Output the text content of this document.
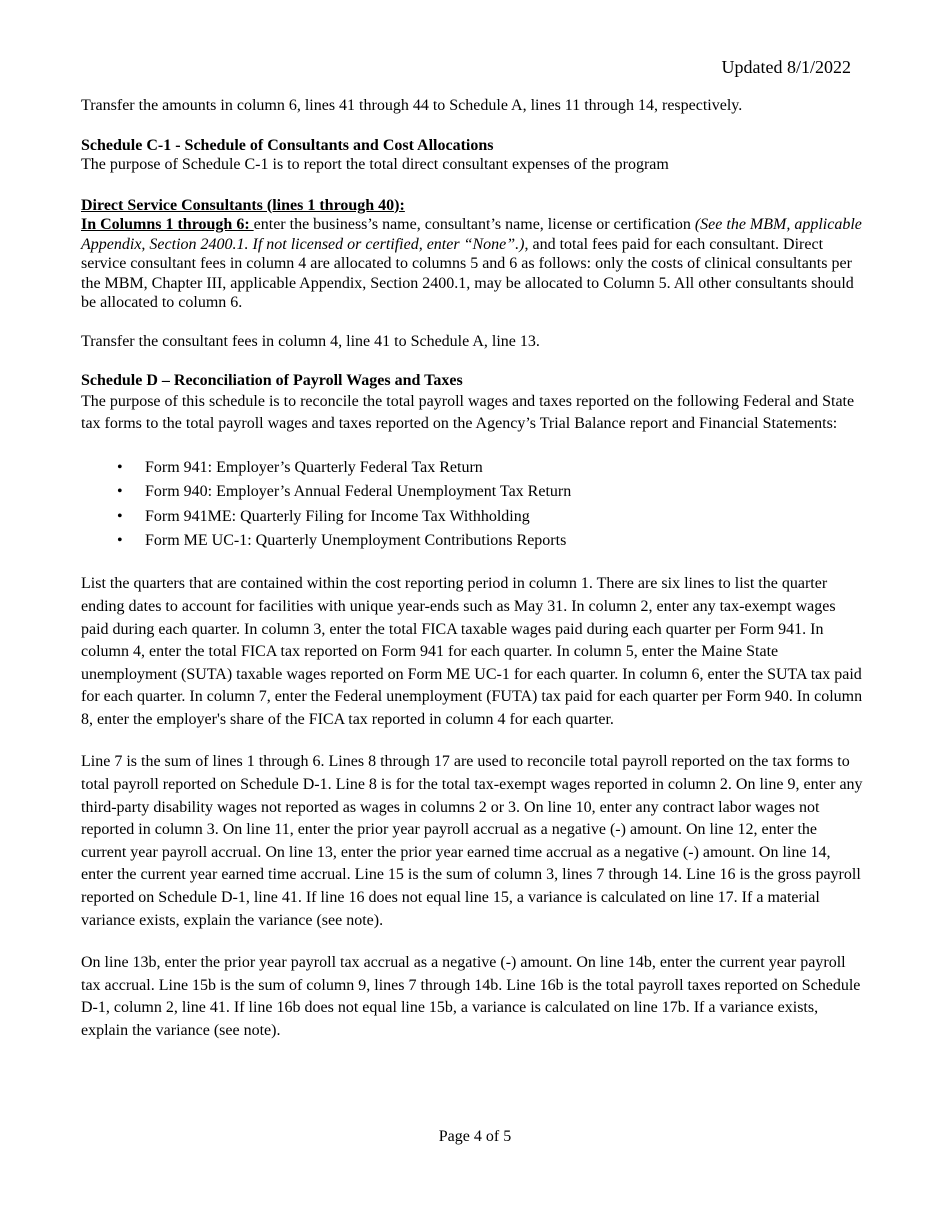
Updated 8/1/2022

Transfer the amounts in column 6, lines 41 through 44 to Schedule A, lines 11 through 14, respectively.

Schedule C-1 - Schedule of Consultants and Cost Allocations

The purpose of Schedule C-1 is to report the total direct consultant expenses of the program

Direct Service Consultants (lines 1 through 40):

In Columns 1 through 6: enter the business’s name, consultant’s name, license or certification (See the MBM, applicable Appendix, Section 2400.1. If not licensed or certified, enter “None”.), and total fees paid for each consultant. Direct service consultant fees in column 4 are allocated to columns 5 and 6 as follows: only the costs of clinical consultants per the MBM, Chapter III, applicable Appendix, Section 2400.1, may be allocated to Column 5. All other consultants should be allocated to column 6.

Transfer the consultant fees in column 4, line 41 to Schedule A, line 13.

Schedule D – Reconciliation of Payroll Wages and Taxes

The purpose of this schedule is to reconcile the total payroll wages and taxes reported on the following Federal and State tax forms to the total payroll wages and taxes reported on the Agency’s Trial Balance report and Financial Statements:

• Form 941: Employer’s Quarterly Federal Tax Return
• Form 940: Employer’s Annual Federal Unemployment Tax Return
• Form 941ME: Quarterly Filing for Income Tax Withholding
• Form ME UC-1: Quarterly Unemployment Contributions Reports

List the quarters that are contained within the cost reporting period in column 1. There are six lines to list the quarter ending dates to account for facilities with unique year-ends such as May 31. In column 2, enter any tax-exempt wages paid during each quarter. In column 3, enter the total FICA taxable wages paid during each quarter per Form 941. In column 4, enter the total FICA tax reported on Form 941 for each quarter. In column 5, enter the Maine State unemployment (SUTA) taxable wages reported on Form ME UC-1 for each quarter. In column 6, enter the SUTA tax paid for each quarter. In column 7, enter the Federal unemployment (FUTA) tax paid for each quarter per Form 940. In column 8, enter the employer's share of the FICA tax reported in column 4 for each quarter.

Line 7 is the sum of lines 1 through 6. Lines 8 through 17 are used to reconcile total payroll reported on the tax forms to total payroll reported on Schedule D-1. Line 8 is for the total tax-exempt wages reported in column 2. On line 9, enter any third-party disability wages not reported as wages in columns 2 or 3. On line 10, enter any contract labor wages not reported in column 3. On line 11, enter the prior year payroll accrual as a negative (-) amount. On line 12, enter the current year payroll accrual. On line 13, enter the prior year earned time accrual as a negative (-) amount. On line 14, enter the current year earned time accrual. Line 15 is the sum of column 3, lines 7 through 14. Line 16 is the gross payroll reported on Schedule D-1, line 41. If line 16 does not equal line 15, a variance is calculated on line 17. If a material variance exists, explain the variance (see note).

On line 13b, enter the prior year payroll tax accrual as a negative (-) amount. On line 14b, enter the current year payroll tax accrual. Line 15b is the sum of column 9, lines 7 through 14b. Line 16b is the total payroll taxes reported on Schedule D-1, column 2, line 41. If line 16b does not equal line 15b, a variance is calculated on line 17b. If a variance exists, explain the variance (see note).

Page 4 of 5
